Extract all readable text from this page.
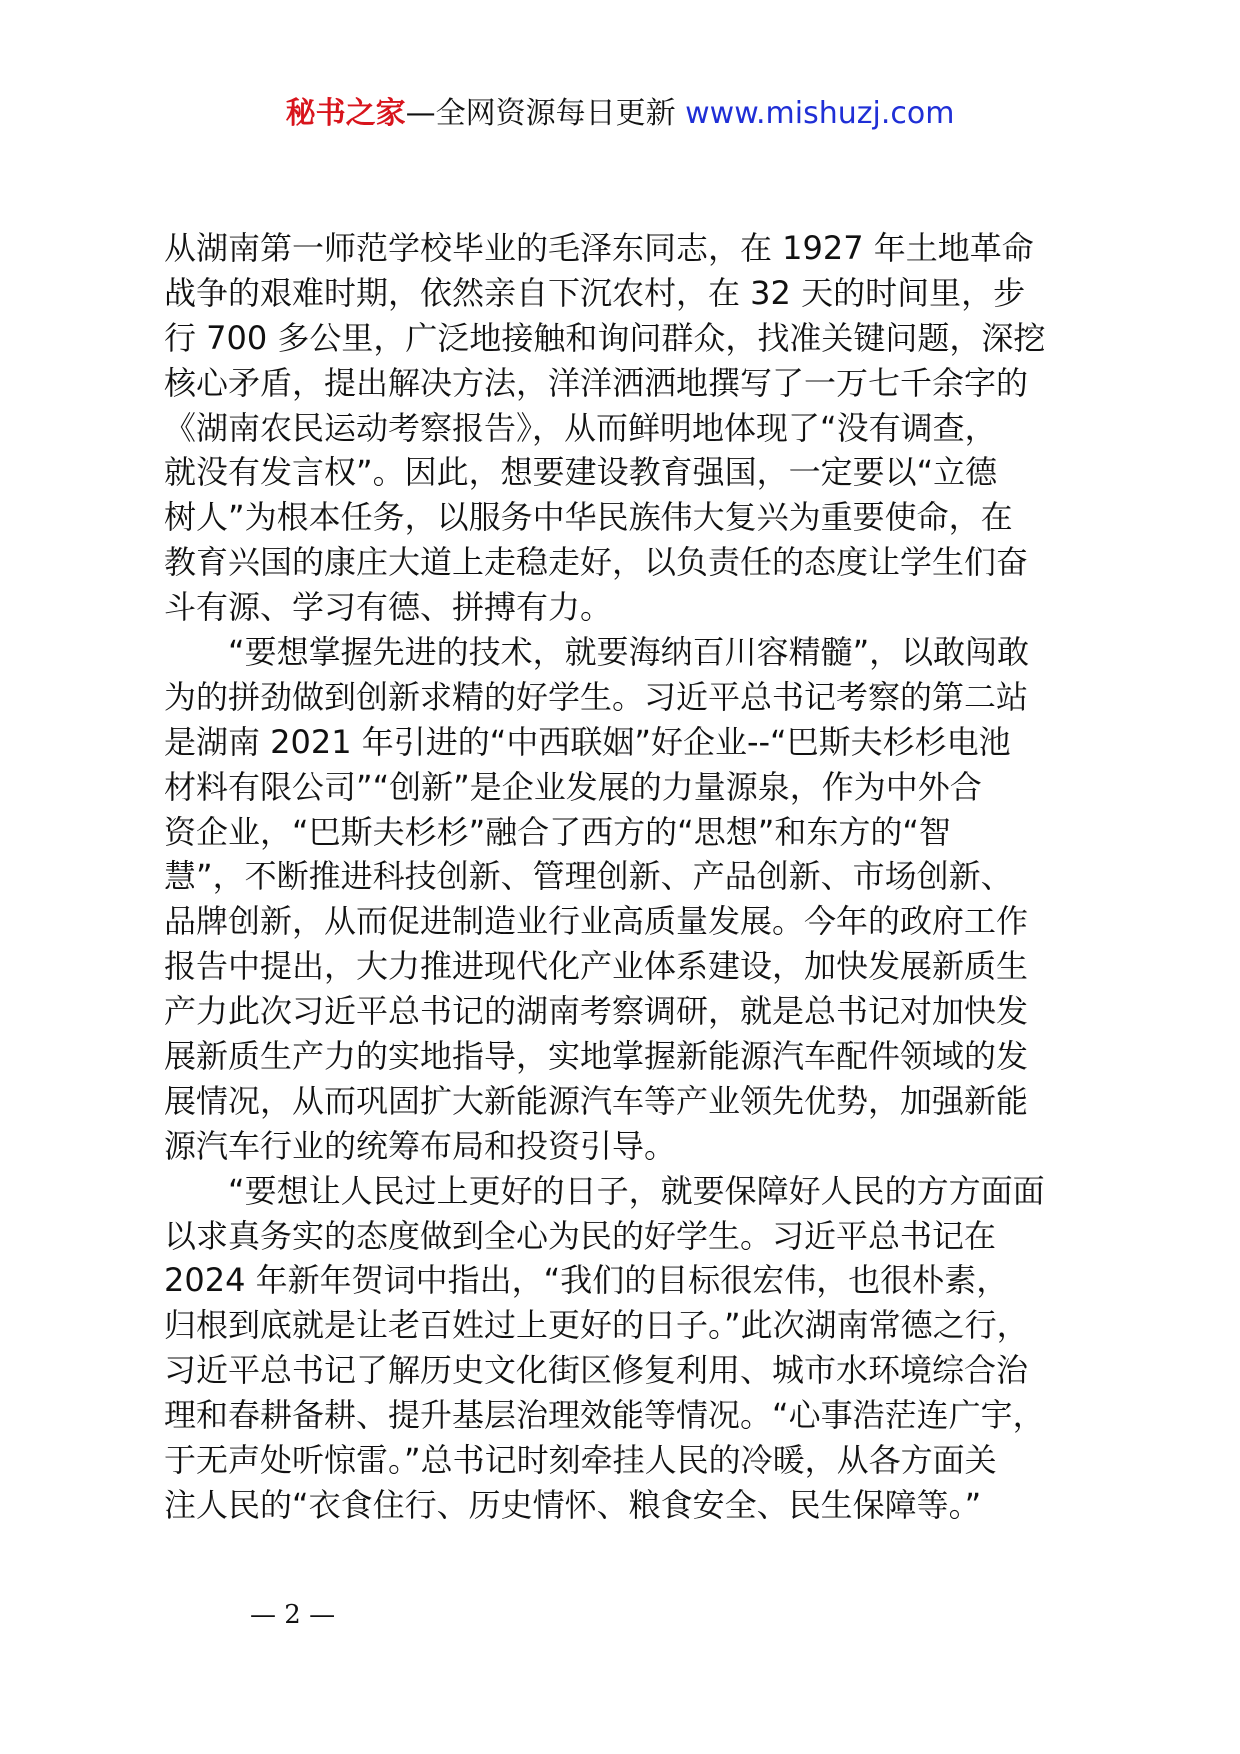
秘书之家—全网资源每日更新 www.mishuzj.com
从湖南第一师范学校毕业的毛泽东同志，在 1927 年土地革命
战争的艰难时期，依然亲自下沉农村，在 32 天的时间里，步
行 700 多公里，广泛地接触和询问群众，找准关键问题，深挖
核心矛盾，提出解决方法，洋洋洒洒地撰写了一万七千余字的
《湖南农民运动考察报告》，从而鲜明地体现了“没有调查，
就没有发言权”。因此，想要建设教育强国，一定要以“立德
树人”为根本任务，以服务中华民族伟大复兴为重要使命，在
教育兴国的康庄大道上走稳走好，以负责任的态度让学生们奋
斗有源、学习有德、拼搏有力。
“要想掌握先进的技术，就要海纳百川容精髓”，以敢闯敢
为的拼劲做到创新求精的好学生。习近平总书记考察的第二站
是湖南 2021 年引进的“中西联姻”好企业--“巴斯夫杉杉电池
材料有限公司”“创新”是企业发展的力量源泉，作为中外合
资企业，“巴斯夫杉杉”融合了西方的“思想”和东方的“智
慧”，不断推进科技创新、管理创新、产品创新、市场创新、
品牌创新，从而促进制造业行业高质量发展。今年的政府工作
报告中提出，大力推进现代化产业体系建设，加快发展新质生
产力此次习近平总书记的湖南考察调研，就是总书记对加快发
展新质生产力的实地指导，实地掌握新能源汽车配件领域的发
展情况，从而巩固扩大新能源汽车等产业领先优势，加强新能
源汽车行业的统筹布局和投资引导。
“要想让人民过上更好的日子，就要保障好人民的方方面面
以求真务实的态度做到全心为民的好学生。习近平总书记在
2024 年新年贺词中指出，“我们的目标很宏伟，也很朴素，
归根到底就是让老百姓过上更好的日子。”此次湖南常德之行，
习近平总书记了解历史文化街区修复利用、城市水环境综合治
理和春耕备耕、提升基层治理效能等情况。“心事浩茫连广宇，
于无声处听惊雷。”总书记时刻牵挂人民的冷暖，从各方面关
注人民的“衣食住行、历史情怀、粮食安全、民生保障等。”
— 2 —
